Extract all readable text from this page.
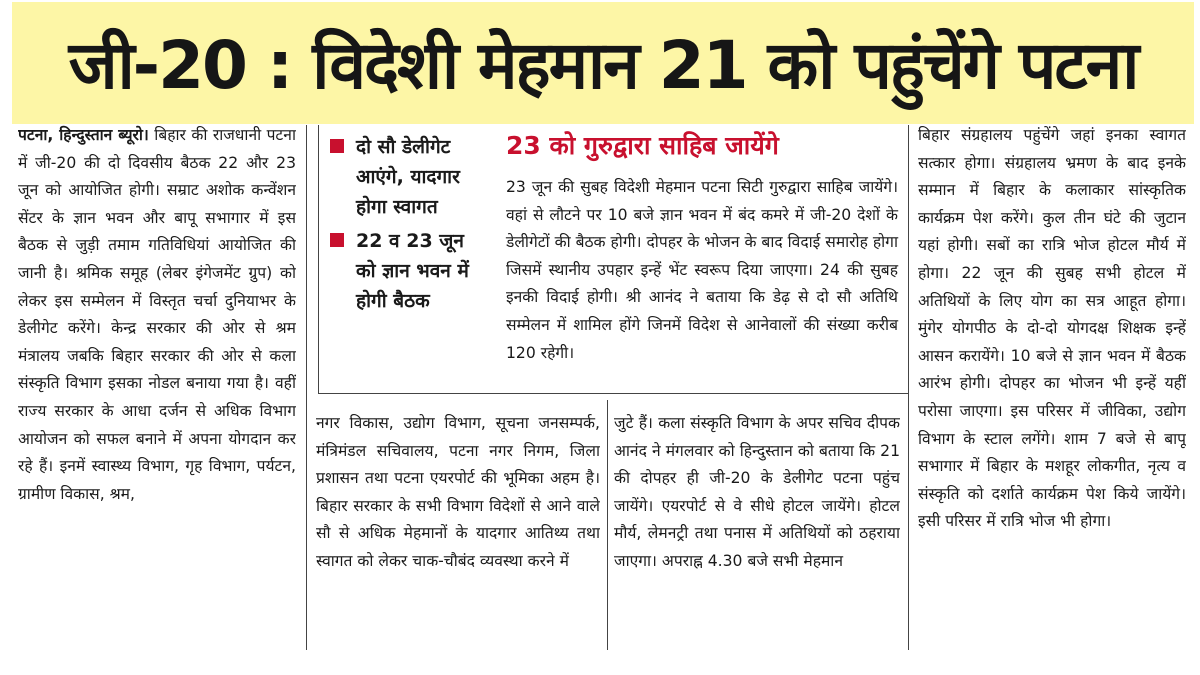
जी-20 : विदेशी मेहमान 21 को पहुंचेंगे पटना

पटना, हिन्दुस्तान ब्यूरो। बिहार की राजधानी पटना में जी-20 की दो दिवसीय बैठक 22 और 23 जून को आयोजित होगी। सम्राट अशोक कन्वेंशन सेंटर के ज्ञान भवन और बापू सभागार में इस बैठक से जुड़ी तमाम गतिविधियां आयोजित की जानी है। श्रमिक समूह (लेबर इंगेजमेंट ग्रुप) को लेकर इस सम्मेलन में विस्तृत चर्चा दुनियाभर के डेलीगेट करेंगे। केन्द्र सरकार की ओर से श्रम मंत्रालय जबकि बिहार सरकार की ओर से कला संस्कृति विभाग इसका नोडल बनाया गया है। वहीं राज्य सरकार के आधा दर्जन से अधिक विभाग आयोजन को सफल बनाने में अपना योगदान कर रहे हैं। इनमें स्वास्थ्य विभाग, गृह विभाग, पर्यटन, ग्रामीण विकास, श्रम,

दो सौ डेलीगेट आएंगे, यादगार होगा स्वागत
22 व 23 जून को ज्ञान भवन में होगी बैठक
23 को गुरुद्वारा साहिब जायेंगे

23 जून की सुबह विदेशी मेहमान पटना सिटी गुरुद्वारा साहिब जायेंगे। वहां से लौटने पर 10 बजे ज्ञान भवन में बंद कमरे में जी-20 देशों के डेलीगेटों की बैठक होगी। दोपहर के भोजन के बाद विदाई समारोह होगा जिसमें स्थानीय उपहार इन्हें भेंट स्वरूप दिया जाएगा। 24 की सुबह इनकी विदाई होगी। श्री आनंद ने बताया कि डेढ़ से दो सौ अतिथि सम्मेलन में शामिल होंगे जिनमें विदेश से आनेवालों की संख्या करीब 120 रहेगी।

नगर विकास, उद्योग विभाग, सूचना जनसम्पर्क, मंत्रिमंडल सचिवालय, पटना नगर निगम, जिला प्रशासन तथा पटना एयरपोर्ट की भूमिका अहम है। बिहार सरकार के सभी विभाग विदेशों से आने वाले सौ से अधिक मेहमानों के यादगार आतिथ्य तथा स्वागत को लेकर चाक-चौबंद व्यवस्था करने में

जुटे हैं। कला संस्कृति विभाग के अपर सचिव दीपक आनंद ने मंगलवार को हिन्दुस्तान को बताया कि 21 की दोपहर ही जी-20 के डेलीगेट पटना पहुंच जायेंगे। एयरपोर्ट से वे सीधे होटल जायेंगे। होटल मौर्य, लेमनट्री तथा पनास में अतिथियों को ठहराया जाएगा। अपराह्न 4.30 बजे सभी मेहमान

बिहार संग्रहालय पहुंचेंगे जहां इनका स्वागत सत्कार होगा। संग्रहालय भ्रमण के बाद इनके सम्मान में बिहार के कलाकार सांस्कृतिक कार्यक्रम पेश करेंगे। कुल तीन घंटे की जुटान यहां होगी। सबों का रात्रि भोज होटल मौर्य में होगा। 22 जून की सुबह सभी होटल में अतिथियों के लिए योग का सत्र आहूत होगा। मुंगेर योगपीठ के दो-दो योगदक्ष शिक्षक इन्हें आसन करायेंगे। 10 बजे से ज्ञान भवन में बैठक आरंभ होगी। दोपहर का भोजन भी इन्हें यहीं परोसा जाएगा। इस परिसर में जीविका, उद्योग विभाग के स्टाल लगेंगे। शाम 7 बजे से बापू सभागार में बिहार के मशहूर लोकगीत, नृत्य व संस्कृति को दर्शाते कार्यक्रम पेश किये जायेंगे। इसी परिसर में रात्रि भोज भी होगा।
